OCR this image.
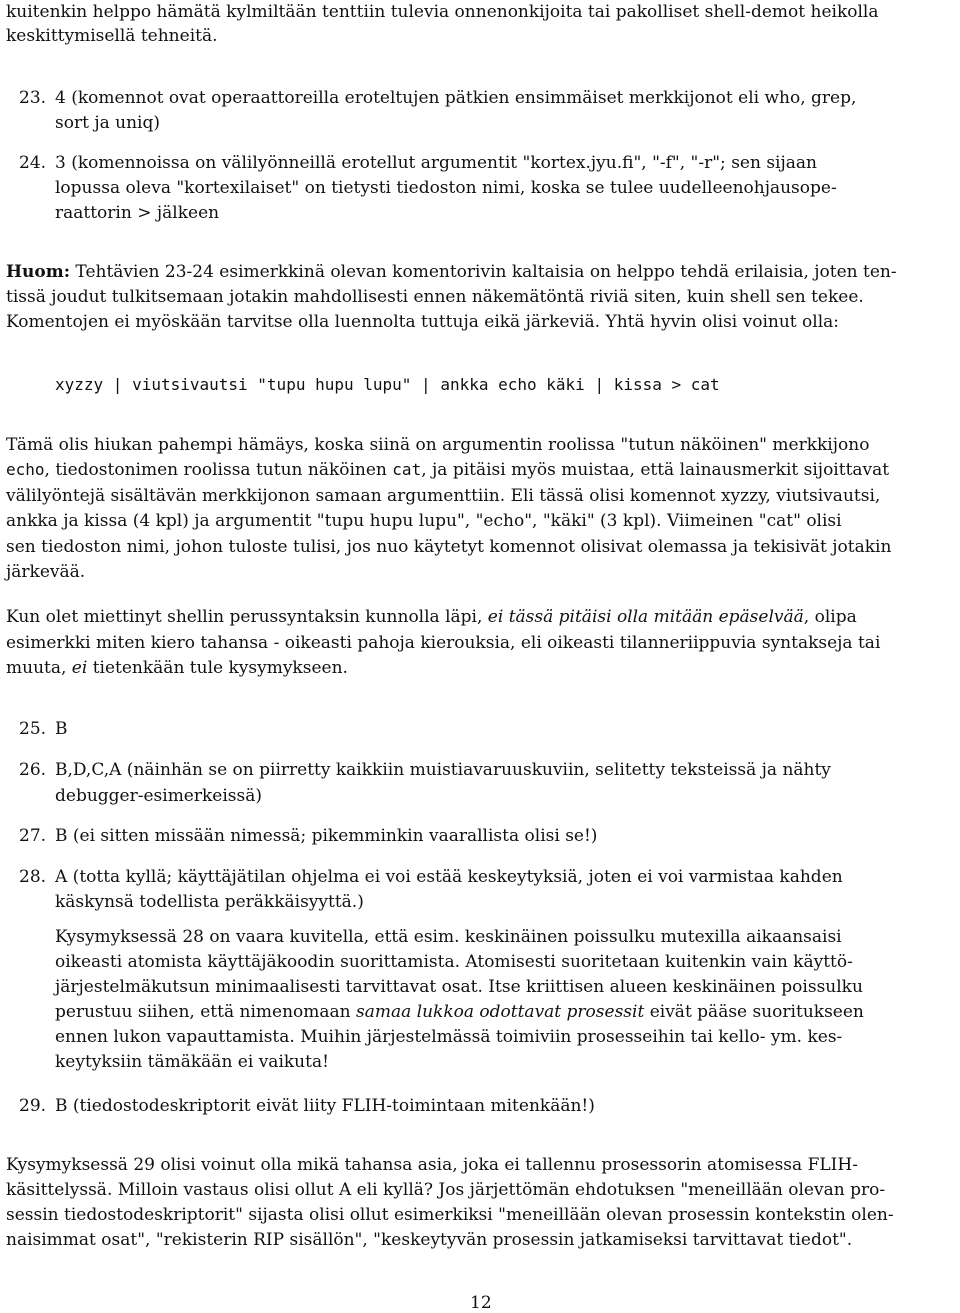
kuitenkin helppo hämätä kylmiltään tenttiin tulevia onnenonkijoita tai pakolliset shell-demot heikolla
keskittymisellä tehneitä.
23. 4 (komennot ovat operaattoreilla eroteltujen pätkien ensimmäiset merkkijonot eli who, grep,
sort ja uniq)
24. 3 (komennoissa on välilyönneillä erotellut argumentit "kortex.jyu.fi", "-f", "-r"; sen sijaan
lopussa oleva "kortexilaiset" on tietysti tiedoston nimi, koska se tulee uudelleenohjausope-
raattorin > jälkeen
Huom: Tehtävien 23-24 esimerkkinä olevan komentorivin kaltaisia on helppo tehdä erilaisia, joten ten-
tissä joudut tulkitsemaan jotakin mahdollisesti ennen näkemätöntä riviä siten, kuin shell sen tekee.
Komentojen ei myöskään tarvitse olla luennolta tuttuja eikä järkeviä. Yhtä hyvin olisi voinut olla:
xyzzy | viutsivautsi "tupu hupu lupu" | ankka echo käki | kissa > cat
Tämä olis hiukan pahempi hämäys, koska siinä on argumentin roolissa "tutun näköinen" merkkijono
echo, tiedostonimen roolissa tutun näköinen cat, ja pitäisi myös muistaa, että lainausmerkit sijoittavat
välilyöntejä sisältävän merkkijonon samaan argumenttiin. Eli tässä olisi komennot xyzzy, viutsivautsi,
ankka ja kissa (4 kpl) ja argumentit "tupu hupu lupu", "echo", "käki" (3 kpl). Viimeinen "cat" olisi
sen tiedoston nimi, johon tuloste tulisi, jos nuo käytetyt komennot olisivat olemassa ja tekisivät jotakin
järkevää.
Kun olet miettinyt shellin perussyntaksin kunnolla läpi, ei tässä pitäisi olla mitään epäselvää, olipa
esimerkki miten kiero tahansa - oikeasti pahoja kierouksia, eli oikeasti tilanneriippuvia syntakseja tai
muuta, ei tietenkään tule kysymykseen.
25. B
26. B,D,C,A (näinhän se on piirretty kaikkiin muistiavaruuskuviin, selitetty teksteissä ja nähty
debugger-esimerkeissä)
27. B (ei sitten missään nimessä; pikemminkin vaarallista olisi se!)
28. A (totta kyllä; käyttäjätilan ohjelma ei voi estää keskeytyksiä, joten ei voi varmistaa kahden
käskynsä todellista peräkkäisyyttä.)
Kysymyksessä 28 on vaara kuvitella, että esim. keskinäinen poissulku mutexilla aikaansaisi
oikeasti atomista käyttäjäkoodin suorittamista. Atomisesti suoritetaan kuitenkin vain käyttö-
järjestelmäkutsun minimaalisesti tarvittavat osat. Itse kriittisen alueen keskinäinen poissulku
perustuu siihen, että nimenomaan samaa lukkoa odottavat prosessit eivät pääse suoritukseen
ennen lukon vapauttamista. Muihin järjestelmässä toimiviin prosesseihin tai kello- ym. kes-
keytyksiin tämäkään ei vaikuta!
29. B (tiedostodeskriptorit eivät liity FLIH-toimintaan mitenkään!)
Kysymyksessä 29 olisi voinut olla mikä tahansa asia, joka ei tallennu prosessorin atomisessa FLIH-
käsittelyssä. Milloin vastaus olisi ollut A eli kyllä? Jos järjettömän ehdotuksen "meneillään olevan pro-
sessin tiedostodeskriptorit" sijasta olisi ollut esimerkiksi "meneillään olevan prosessin kontekstin olen-
naisimmat osat", "rekisterin RIP sisällön", "keskeytyvän prosessin jatkamiseksi tarvittavat tiedot".
12
